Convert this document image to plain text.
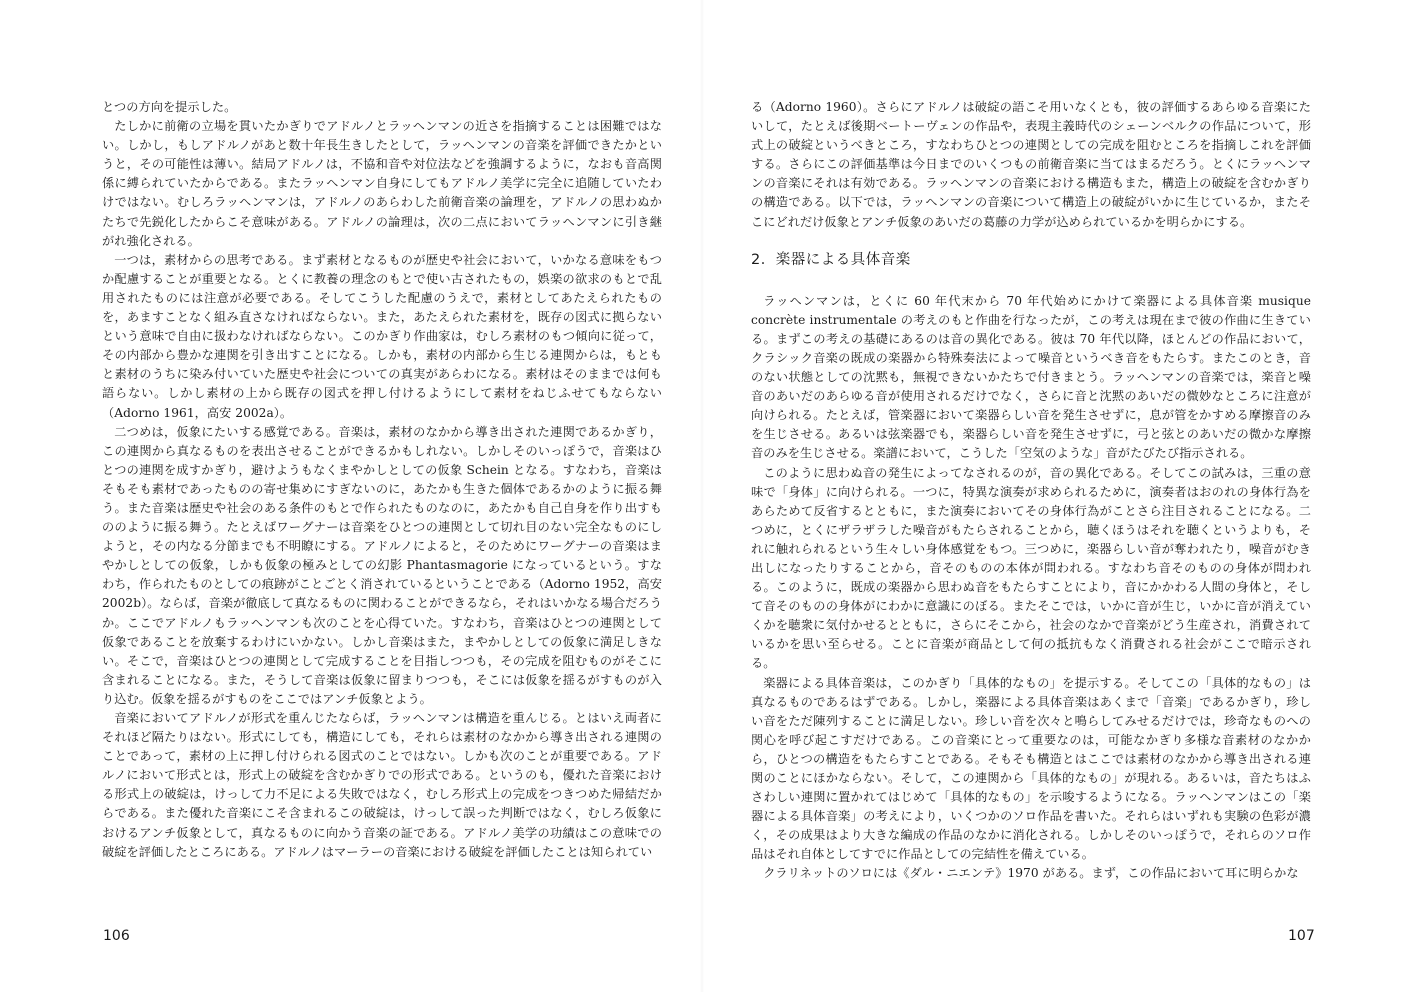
とつの方向を提示した。

たしかに前衛の立場を貫いたかぎりでアドルノとラッヘンマンの近さを指摘することは困難ではない。しかし，もしアドルノがあと数十年長生きしたとして，ラッヘンマンの音楽を評価できたかというと，その可能性は薄い。結局アドルノは，不協和音や対位法などを強調するように，なおも音高関係に縛られていたからである。またラッヘンマン自身にしてもアドルノ美学に完全に追随していたわけではない。むしろラッヘンマンは，アドルノのあらわした前衛音楽の論理を，アドルノの思わぬかたちで先鋭化したからこそ意味がある。アドルノの論理は，次の二点においてラッヘンマンに引き継がれ強化される。

一つは，素材からの思考である。まず素材となるものが歴史や社会において，いかなる意味をもつか配慮することが重要となる。とくに教養の理念のもとで使い古されたもの，娯楽の欲求のもとで乱用されたものには注意が必要である。そしてこうした配慮のうえで，素材としてあたえられたものを，あますことなく組み直さなければならない。また，あたえられた素材を，既存の図式に拠らないという意味で自由に扱わなければならない。このかぎり作曲家は，むしろ素材のもつ傾向に従って，その内部から豊かな連関を引き出すことになる。しかも，素材の内部から生じる連関からは，もともと素材のうちに染み付いていた歴史や社会についての真実があらわになる。素材はそのままでは何も語らない。しかし素材の上から既存の図式を押し付けるようにして素材をねじふせてもならない（Adorno 1961，高安 2002a）。

二つめは，仮象にたいする感覚である。音楽は，素材のなかから導き出された連関であるかぎり，この連関から真なるものを表出させることができるかもしれない。しかしそのいっぽうで，音楽はひとつの連関を成すかぎり，避けようもなくまやかしとしての仮象 Schein となる。すなわち，音楽はそもそも素材であったものの寄せ集めにすぎないのに，あたかも生きた個体であるかのように振る舞う。また音楽は歴史や社会のある条件のもとで作られたものなのに，あたかも自己自身を作り出すもののように振る舞う。たとえばワーグナーは音楽をひとつの連関として切れ目のない完全なものにしようと，その内なる分節までも不明瞭にする。アドルノによると，そのためにワーグナーの音楽はまやかしとしての仮象，しかも仮象の極みとしての幻影 Phantasmagorie になっているという。すなわち，作られたものとしての痕跡がことごとく消されているということである（Adorno 1952，高安 2002b）。ならば，音楽が徹底して真なるものに関わることができるなら，それはいかなる場合だろうか。ここでアドルノもラッヘンマンも次のことを心得ていた。すなわち，音楽はひとつの連関として仮象であることを放棄するわけにいかない。しかし音楽はまた，まやかしとしての仮象に満足しきない。そこで，音楽はひとつの連関として完成することを目指しつつも，その完成を阻むものがそこに含まれることになる。また，そうして音楽は仮象に留まりつつも，そこには仮象を揺るがすものが入り込む。仮象を揺るがすものをここではアンチ仮象とよう。

音楽においてアドルノが形式を重んじたならば，ラッヘンマンは構造を重んじる。とはいえ両者にそれほど隔たりはない。形式にしても，構造にしても，それらは素材のなかから導き出される連関のことであって，素材の上に押し付けられる図式のことではない。しかも次のことが重要である。アドルノにおいて形式とは，形式上の破綻を含むかぎりでの形式である。というのも，優れた音楽における形式上の破綻は，けっして力不足による失敗ではなく，むしろ形式上の完成をつきつめた帰結だからである。また優れた音楽にこそ含まれるこの破綻は，けっして誤った判断ではなく，むしろ仮象におけるアンチ仮象として，真なるものに向かう音楽の証である。アドルノ美学の功績はこの意味での破綻を評価したところにある。アドルノはマーラーの音楽における破綻を評価したことは知られてい

106

る（Adorno 1960）。さらにアドルノは破綻の語こそ用いなくとも，彼の評価するあらゆる音楽にたいして，たとえば後期ベートーヴェンの作品や，表現主義時代のシェーンベルクの作品について，形式上の破綻というべきところ，すなわちひとつの連関としての完成を阻むところを指摘しこれを評価する。さらにこの評価基準は今日までのいくつもの前衛音楽に当てはまるだろう。とくにラッヘンマンの音楽にそれは有効である。ラッヘンマンの音楽における構造もまた，構造上の破綻を含むかぎりの構造である。以下では，ラッヘンマンの音楽について構造上の破綻がいかに生じているか，またそこにどれだけ仮象とアンチ仮象のあいだの葛藤の力学が込められているかを明らかにする。

2．楽器による具体音楽

ラッヘンマンは，とくに 60 年代末から 70 年代始めにかけて楽器による具体音楽 musique concrète instrumentale の考えのもと作曲を行なったが，この考えは現在まで彼の作曲に生きている。まずこの考えの基礎にあるのは音の異化である。彼は 70 年代以降，ほとんどの作品において，クラシック音楽の既成の楽器から特殊奏法によって噪音というべき音をもたらす。またこのとき，音のない状態としての沈黙も，無視できないかたちで付きまとう。ラッヘンマンの音楽では，楽音と噪音のあいだのあらゆる音が使用されるだけでなく，さらに音と沈黙のあいだの微妙なところに注意が向けられる。たとえば，管楽器において楽器らしい音を発生させずに，息が管をかすめる摩擦音のみを生じさせる。あるいは弦楽器でも，楽器らしい音を発生させずに，弓と弦とのあいだの微かな摩擦音のみを生じさせる。楽譜において，こうした「空気のような」音がたびたび指示される。

このように思わぬ音の発生によってなされるのが，音の異化である。そしてこの試みは，三重の意味で「身体」に向けられる。一つに，特異な演奏が求められるために，演奏者はおのれの身体行為をあらためて反省するとともに，また演奏においてその身体行為がことさら注目されることになる。二つめに，とくにザラザラした噪音がもたらされることから，聴くほうはそれを聴くというよりも，それに触れられるという生々しい身体感覚をもつ。三つめに，楽器らしい音が奪われたり，噪音がむき出しになったりすることから，音そのものの本体が問われる。すなわち音そのものの身体が問われる。このように，既成の楽器から思わぬ音をもたらすことにより，音にかかわる人間の身体と，そして音そのものの身体がにわかに意識にのぼる。またそこでは，いかに音が生じ，いかに音が消えていくかを聴衆に気付かせるとともに，さらにそこから，社会のなかで音楽がどう生産され，消費されているかを思い至らせる。ことに音楽が商品として何の抵抗もなく消費される社会がここで暗示される。

楽器による具体音楽は，このかぎり「具体的なもの」を提示する。そしてこの「具体的なもの」は真なるものであるはずである。しかし，楽器による具体音楽はあくまで「音楽」であるかぎり，珍しい音をただ陳列することに満足しない。珍しい音を次々と鳴らしてみせるだけでは，珍奇なものへの関心を呼び起こすだけである。この音楽にとって重要なのは，可能なかぎり多様な音素材のなかから，ひとつの構造をもたらすことである。そもそも構造とはここでは素材のなかから導き出される連関のことにほかならない。そして，この連関から「具体的なもの」が現れる。あるいは，音たちはふさわしい連関に置かれてはじめて「具体的なもの」を示唆するようになる。ラッヘンマンはこの「楽器による具体音楽」の考えにより，いくつかのソロ作品を書いた。それらはいずれも実験の色彩が濃く，その成果はより大きな編成の作品のなかに消化される。しかしそのいっぽうで，それらのソロ作品はそれ自体としてすでに作品としての完結性を備えている。

クラリネットのソロには《ダル・ニエンテ》1970 がある。まず，この作品において耳に明らかな

107
